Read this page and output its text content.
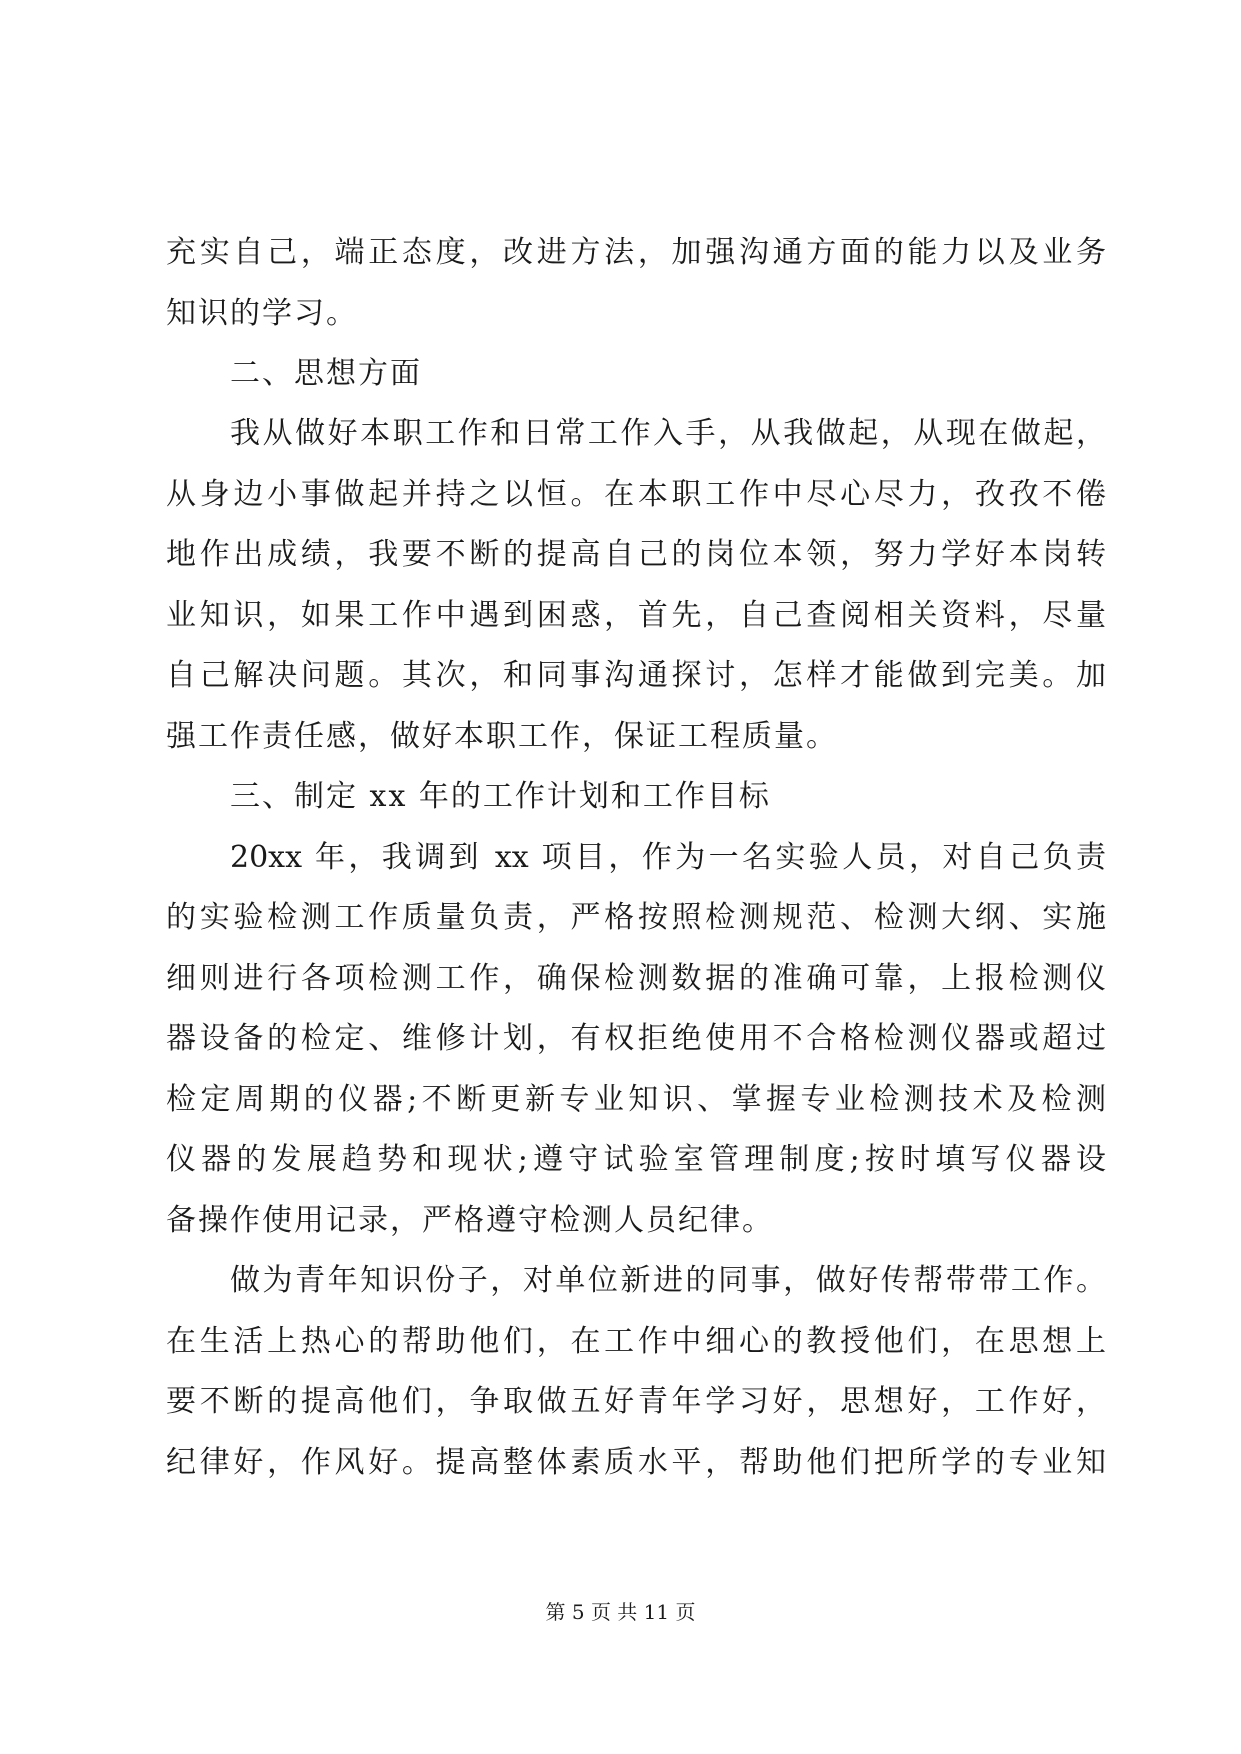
充实自己，端正态度，改进方法，加强沟通方面的能力以及业务
知识的学习。
二、思想方面
我从做好本职工作和日常工作入手，从我做起，从现在做起，
从身边小事做起并持之以恒。在本职工作中尽心尽力，孜孜不倦
地作出成绩，我要不断的提高自己的岗位本领，努力学好本岗转
业知识，如果工作中遇到困惑，首先，自己查阅相关资料，尽量
自己解决问题。其次，和同事沟通探讨，怎样才能做到完美。加
强工作责任感，做好本职工作，保证工程质量。
三、制定 xx 年的工作计划和工作目标
20xx 年，我调到 xx 项目，作为一名实验人员，对自己负责
的实验检测工作质量负责，严格按照检测规范、检测大纲、实施
细则进行各项检测工作，确保检测数据的准确可靠，上报检测仪
器设备的检定、维修计划，有权拒绝使用不合格检测仪器或超过
检定周期的仪器;不断更新专业知识、掌握专业检测技术及检测
仪器的发展趋势和现状;遵守试验室管理制度;按时填写仪器设
备操作使用记录，严格遵守检测人员纪律。
做为青年知识份子，对单位新进的同事，做好传帮带带工作。
在生活上热心的帮助他们，在工作中细心的教授他们，在思想上
要不断的提高他们，争取做五好青年学习好，思想好，工作好，
纪律好，作风好。提高整体素质水平，帮助他们把所学的专业知
第 5 页 共 11 页
